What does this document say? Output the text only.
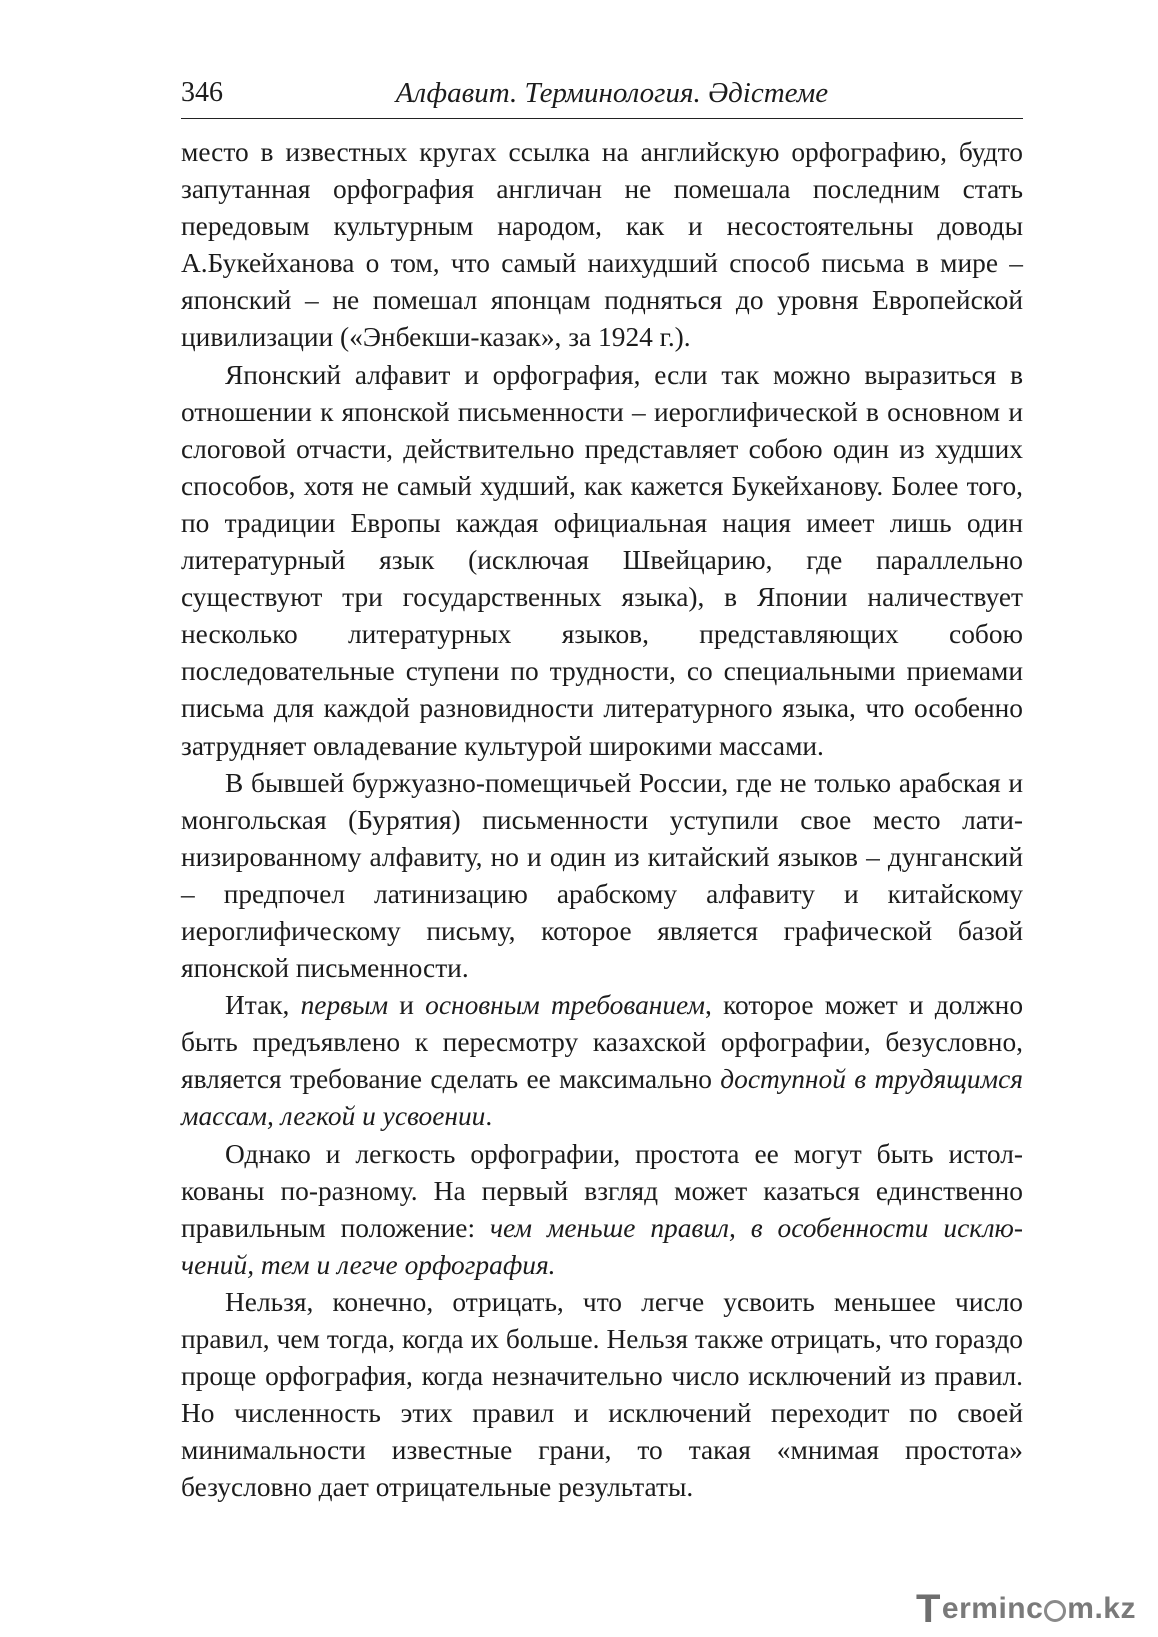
346	Алфавит. Терминология. Әдістеме

место в известных кругах ссылка на английскую орфографию, будто запутанная орфография англичан не помешала последним стать передовым культурным народом, как и несостоятельны доводы А.Букейханова о том, что самый наихудший способ письма в мире – японский – не помешал японцам подняться до уровня Европейской цивилизации («Энбекши-казак», за 1924 г.).

Японский алфавит и орфография, если так можно выразиться в отношении к японской письменности – иероглифической в основном и слоговой отчасти, действительно представляет собою один из худших способов, хотя не самый худший, как кажется Букейханову. Более того, по традиции Европы каждая официальная нация имеет лишь один литературный язык (исключая Швейцарию, где параллельно существуют три государственных языка), в Японии наличествует несколько литературных языков, представляющих собою последовательные ступени по трудности, со специальными приемами письма для каждой разновидности литературного языка, что особенно затрудняет овладевание культурой широкими массами.

В бывшей буржуазно-помещичьей России, где не только арабская и монгольская (Бурятия) письменности уступили свое место латинизированному алфавиту, но и один из китайский языков – дунганский – предпочел латинизацию арабскому алфавиту и китайскому иероглифическому письму, которое является графической базой японской письменности.

Итак, первым и основным требованием, которое может и должно быть предъявлено к пересмотру казахской орфографии, безусловно, является требование сделать ее максимально доступной в трудящимся массам, легкой и усвоении.

Однако и легкость орфографии, простота ее могут быть истолкованы по-разному. На первый взгляд может казаться единственно правильным положение: чем меньше правил, в особенности исключений, тем и легче орфография.

Нельзя, конечно, отрицать, что легче усвоить меньшее число правил, чем тогда, когда их больше. Нельзя также отрицать, что гораздо проще орфография, когда незначительно число исключений из правил. Но численность этих правил и исключений переходит по своей минимальности известные грани, то такая «мнимая простота» безусловно дает отрицательные результаты.

T erminc m.kz
